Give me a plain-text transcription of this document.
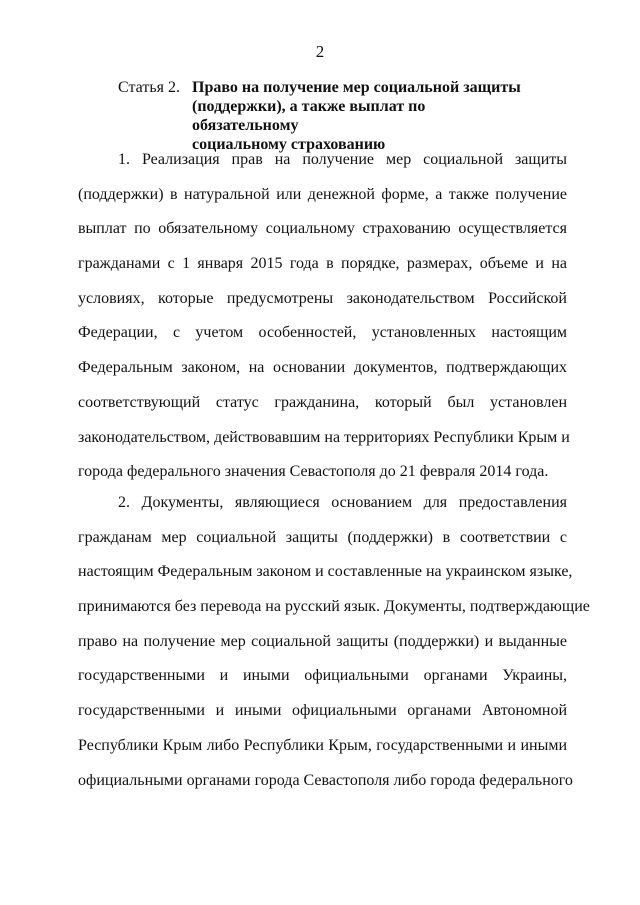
2
Статья 2. Право на получение мер социальной защиты
(поддержки), а также выплат по обязательному
социальному страхованию
1. Реализация прав на получение мер социальной защиты
(поддержки) в натуральной или денежной форме, а также получение
выплат по обязательному социальному страхованию осуществляется
гражданами с 1 января 2015 года в порядке, размерах, объеме и на
условиях, которые предусмотрены законодательством Российской
Федерации, с учетом особенностей, установленных настоящим
Федеральным законом, на основании документов, подтверждающих
соответствующий статус гражданина, который был установлен
законодательством, действовавшим на территориях Республики Крым и
города федерального значения Севастополя до 21 февраля 2014 года.
2. Документы, являющиеся основанием для предоставления
гражданам мер социальной защиты (поддержки) в соответствии с
настоящим Федеральным законом и составленные на украинском языке,
принимаются без перевода на русский язык. Документы, подтверждающие
право на получение мер социальной защиты (поддержки) и выданные
государственными и иными официальными органами Украины,
государственными и иными официальными органами Автономной
Республики Крым либо Республики Крым, государственными и иными
официальными органами города Севастополя либо города федерального
